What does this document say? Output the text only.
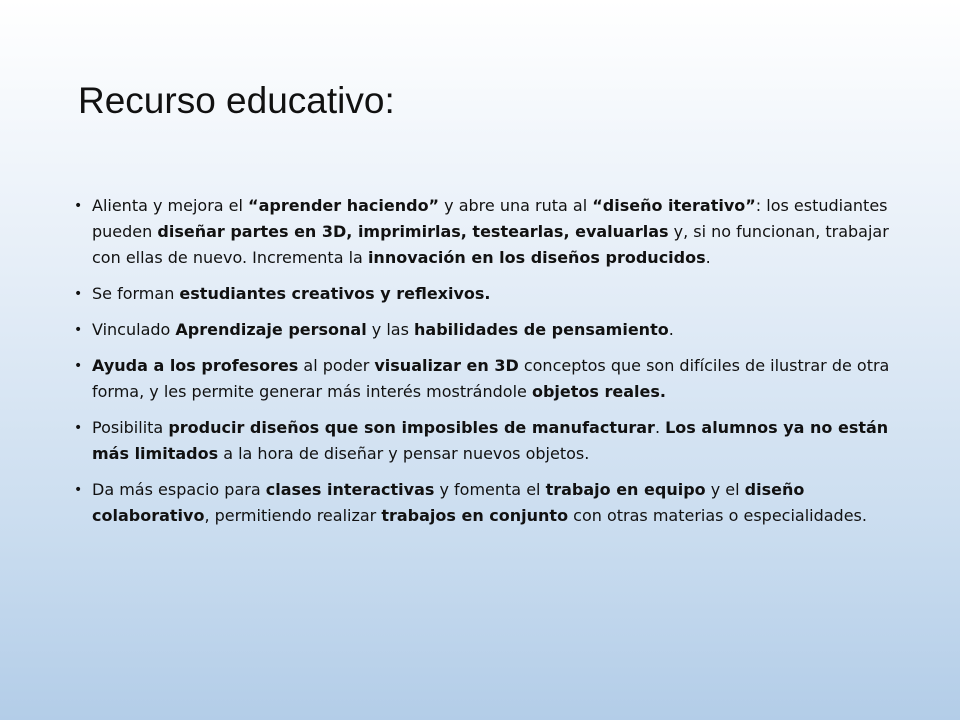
Recurso educativo:
• Alienta y mejora el “aprender haciendo” y abre una ruta al “diseño iterativo”: los estudiantes pueden diseñar partes en 3D, imprimirlas, testearlas, evaluarlas y, si no funcionan, trabajar con ellas de nuevo. Incrementa la innovación en los diseños producidos.
• Se forman estudiantes creativos y reflexivos.
• Vinculado Aprendizaje personal y las habilidades de pensamiento.
• Ayuda a los profesores al poder visualizar en 3D conceptos que son difíciles de ilustrar de otra forma, y les permite generar más interés mostrándole objetos reales.
• Posibilita producir diseños que son imposibles de manufacturar. Los alumnos ya no están más limitados a la hora de diseñar y pensar nuevos objetos.
• Da más espacio para clases interactivas y fomenta el trabajo en equipo y el diseño colaborativo, permitiendo realizar trabajos en conjunto con otras materias o especialidades.
